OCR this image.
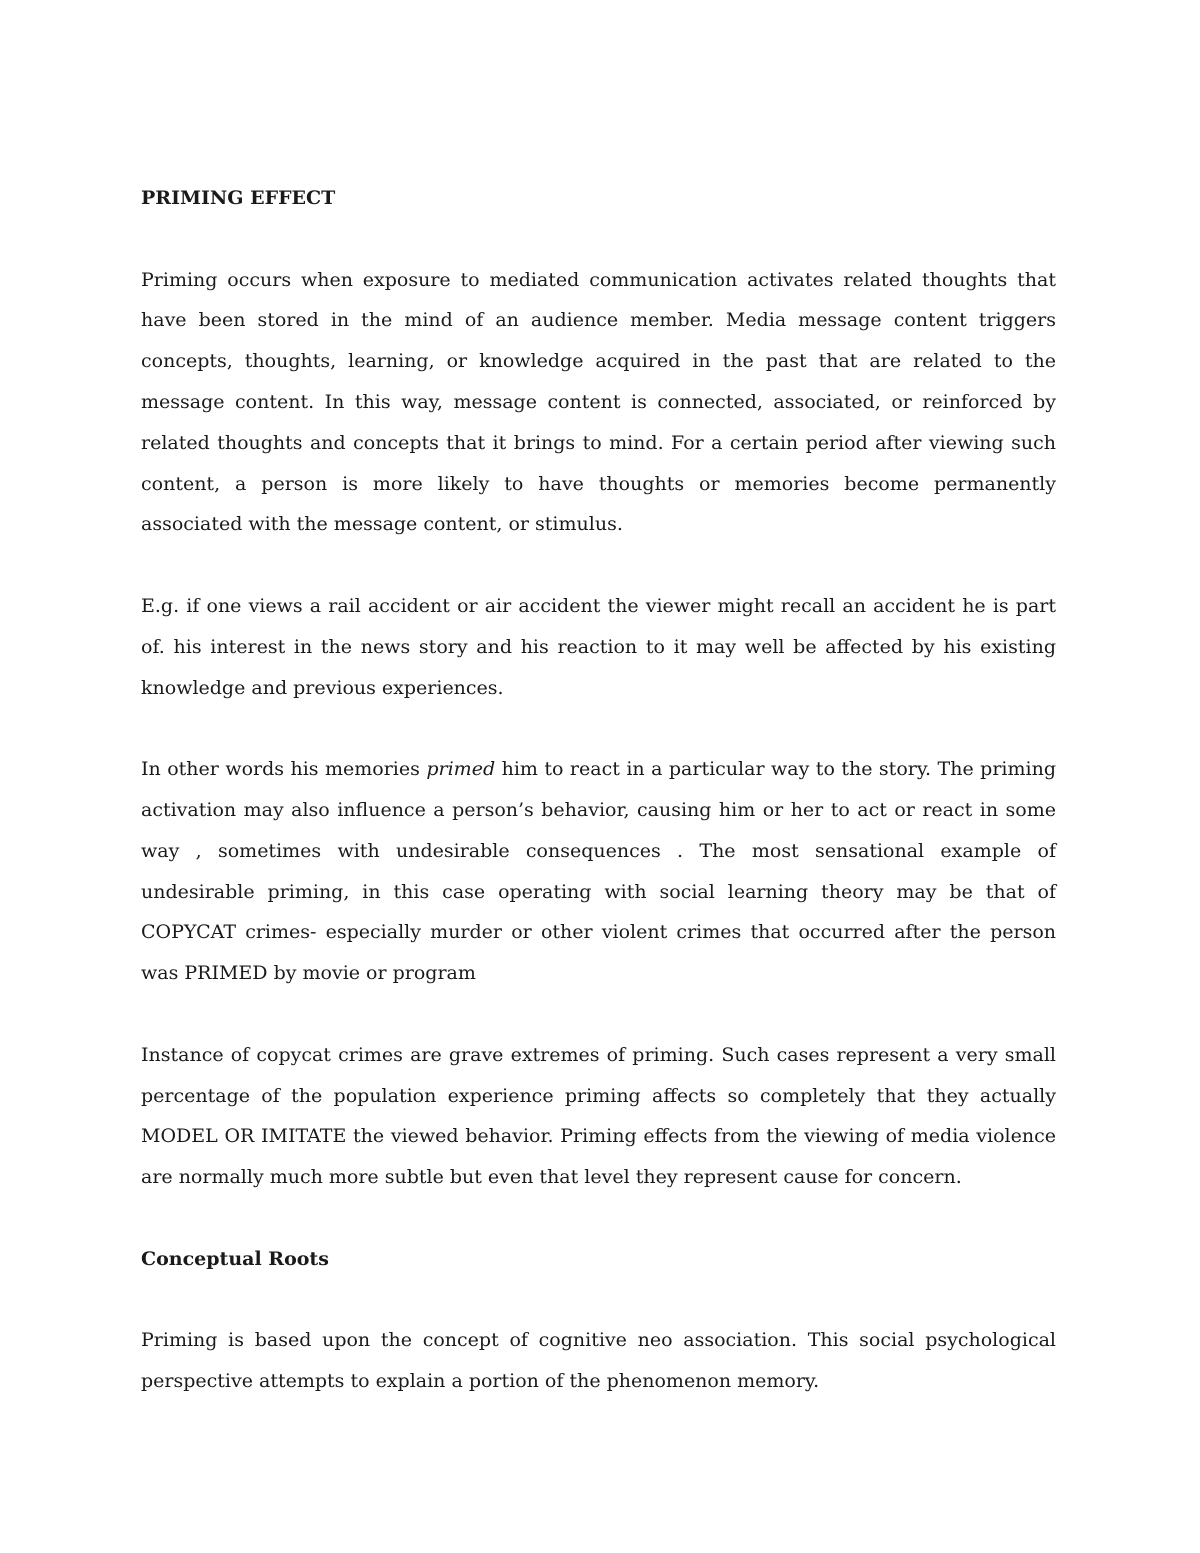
PRIMING EFFECT

Priming occurs when exposure to mediated communication activates related thoughts that have been stored in the mind of an audience member. Media message content triggers concepts, thoughts, learning, or knowledge acquired in the past that are related to the message content. In this way, message content is connected, associated, or reinforced by related thoughts and concepts that it brings to mind. For a certain period after viewing such content, a person is more likely to have thoughts or memories become permanently associated with the message content, or stimulus.

E.g. if one views a rail accident or air accident the viewer might recall an accident he is part of. his interest in the news story and his reaction to it may well be affected by his existing knowledge and previous experiences.

In other words his memories primed him to react in a particular way to the story. The priming activation may also influence a person’s behavior, causing him or her to act or react in some way , sometimes with undesirable consequences . The most sensational example of undesirable priming, in this case operating with social learning theory may be that of COPYCAT crimes- especially murder or other violent crimes that occurred after the person was PRIMED by movie or program

Instance of copycat crimes are grave extremes of priming. Such cases represent a very small percentage of the population experience priming affects so completely that they actually MODEL OR IMITATE the viewed behavior. Priming effects from the viewing of media violence are normally much more subtle but even that level they represent cause for concern.

Conceptual Roots

Priming is based upon the concept of cognitive neo association. This social psychological perspective attempts to explain a portion of the phenomenon memory.
